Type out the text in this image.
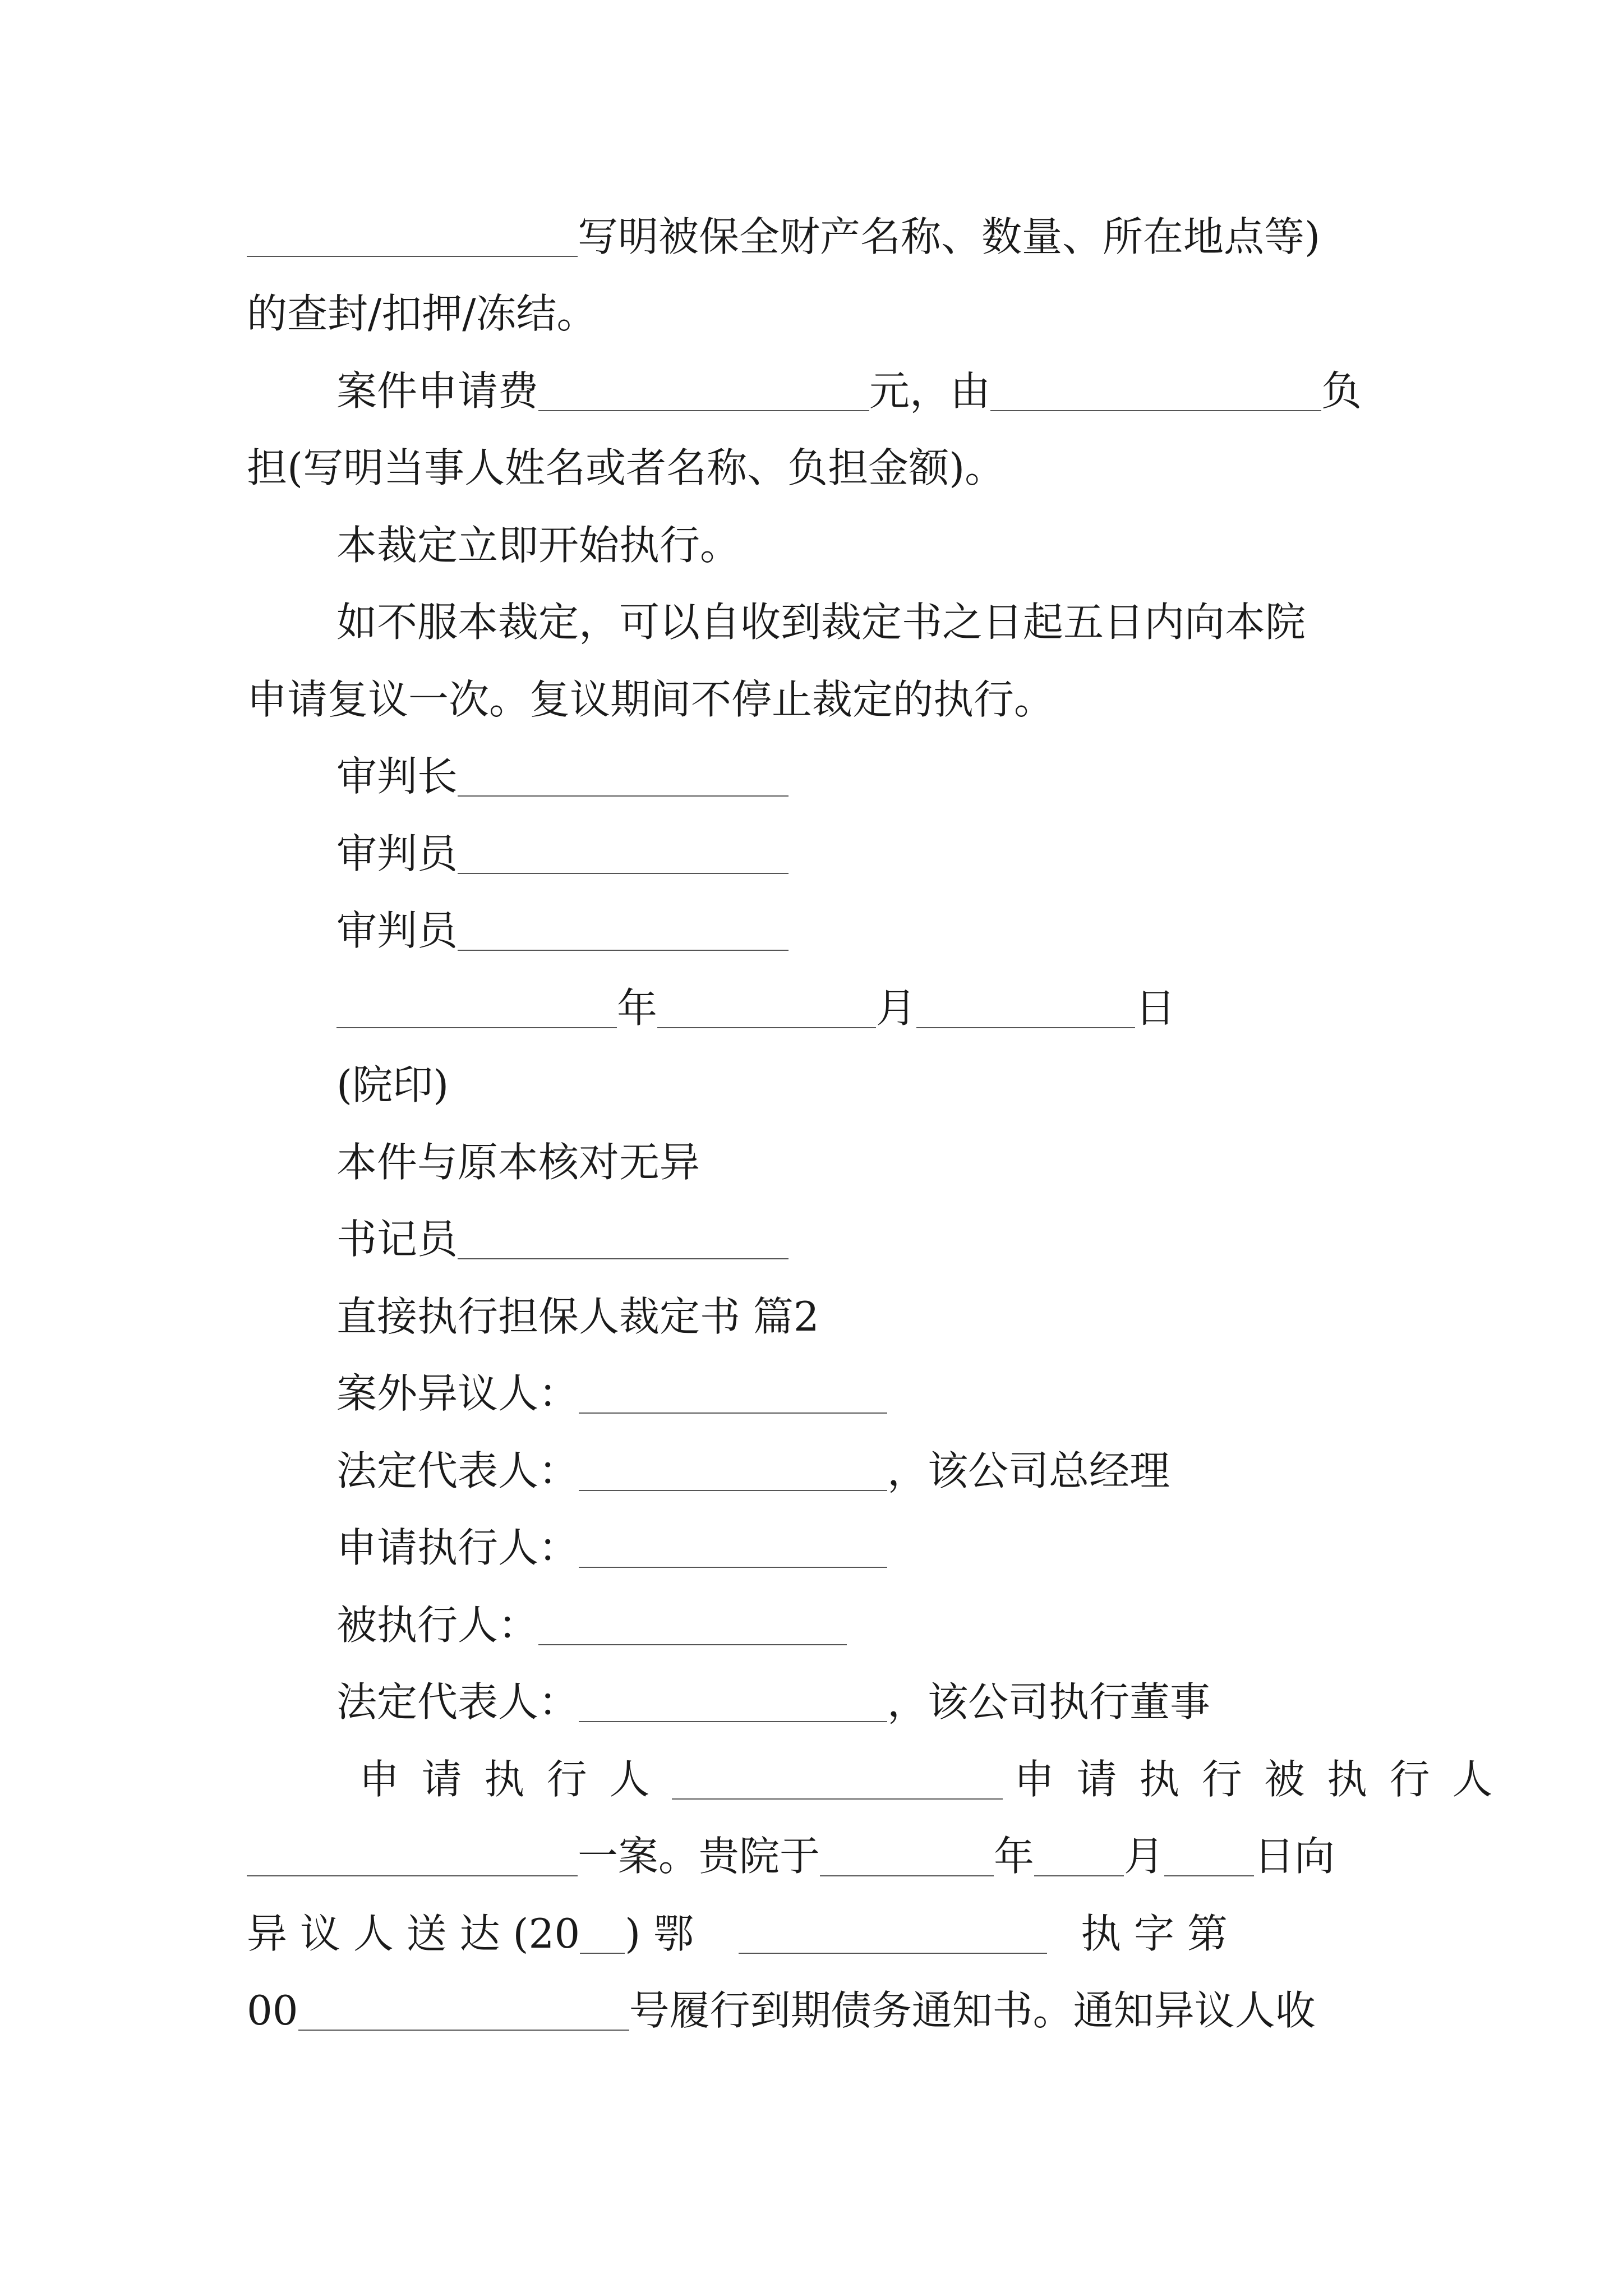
写明被保全财产名称、数量、所在地点等)
的查封/扣押/冻结。
案件申请费	元，由	负
担(写明当事人姓名或者名称、负担金额)。
本裁定立即开始执行。
如不服本裁定，可以自收到裁定书之日起五日内向本院
申请复议一次。复议期间不停止裁定的执行。
审判长
审判员
审判员
年	月	日
(院印)
本件与原本核对无异
书记员
直接执行担保人裁定书 篇2
案外异议人：
法定代表人：	，该公司总经理
申请执行人：
被执行人：
法定代表人：	，该公司执行董事
申请执行人	申请执行被执行人
一案。贵院于	年 月 日向
异 议 人 送 达 (20 ) 鄂	执 字 第
00	号履行到期债务通知书。通知异议人收
